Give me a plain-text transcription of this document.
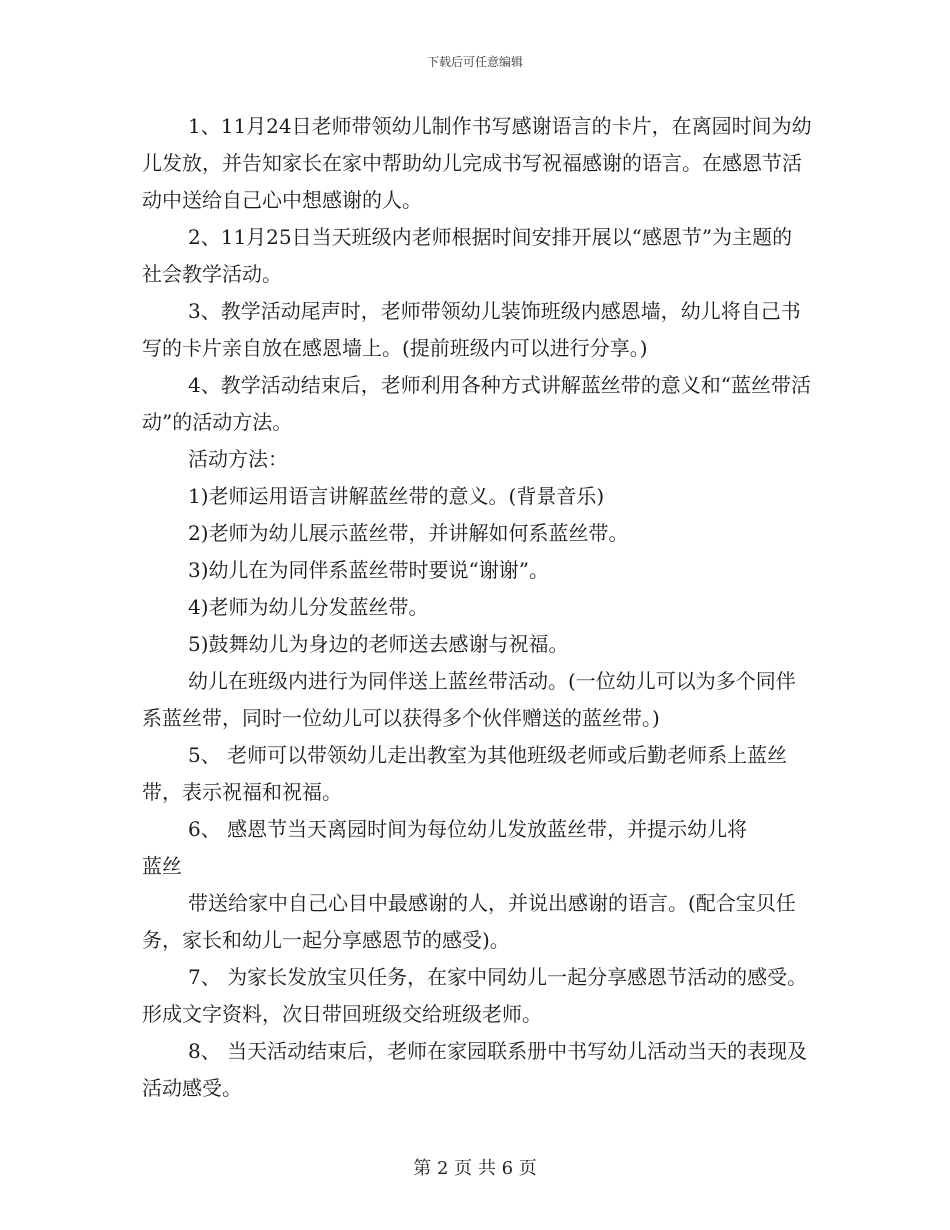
下载后可任意编辑

1、11月24日老师带领幼儿制作书写感谢语言的卡片，在离园时间为幼儿发放，并告知家长在家中帮助幼儿完成书写祝福感谢的语言。在感恩节活动中送给自己心中想感谢的人。

2、11月25日当天班级内老师根据时间安排开展以“感恩节”为主题的社会教学活动。

3、教学活动尾声时，老师带领幼儿装饰班级内感恩墙，幼儿将自己书写的卡片亲自放在感恩墙上。(提前班级内可以进行分享。)

4、教学活动结束后，老师利用各种方式讲解蓝丝带的意义和“蓝丝带活动”的活动方法。

活动方法：

1)老师运用语言讲解蓝丝带的意义。(背景音乐)

2)老师为幼儿展示蓝丝带，并讲解如何系蓝丝带。

3)幼儿在为同伴系蓝丝带时要说“谢谢”。

4)老师为幼儿分发蓝丝带。

5)鼓舞幼儿为身边的老师送去感谢与祝福。

幼儿在班级内进行为同伴送上蓝丝带活动。(一位幼儿可以为多个同伴系蓝丝带，同时一位幼儿可以获得多个伙伴赠送的蓝丝带。)

5、 老师可以带领幼儿走出教室为其他班级老师或后勤老师系上蓝丝带，表示祝福和祝福。

6、 感恩节当天离园时间为每位幼儿发放蓝丝带，并提示幼儿将

蓝丝

带送给家中自己心目中最感谢的人，并说出感谢的语言。(配合宝贝任务，家长和幼儿一起分享感恩节的感受)。

7、 为家长发放宝贝任务，在家中同幼儿一起分享感恩节活动的感受。形成文字资料，次日带回班级交给班级老师。

8、 当天活动结束后，老师在家园联系册中书写幼儿活动当天的表现及活动感受。

第 2 页 共 6 页
